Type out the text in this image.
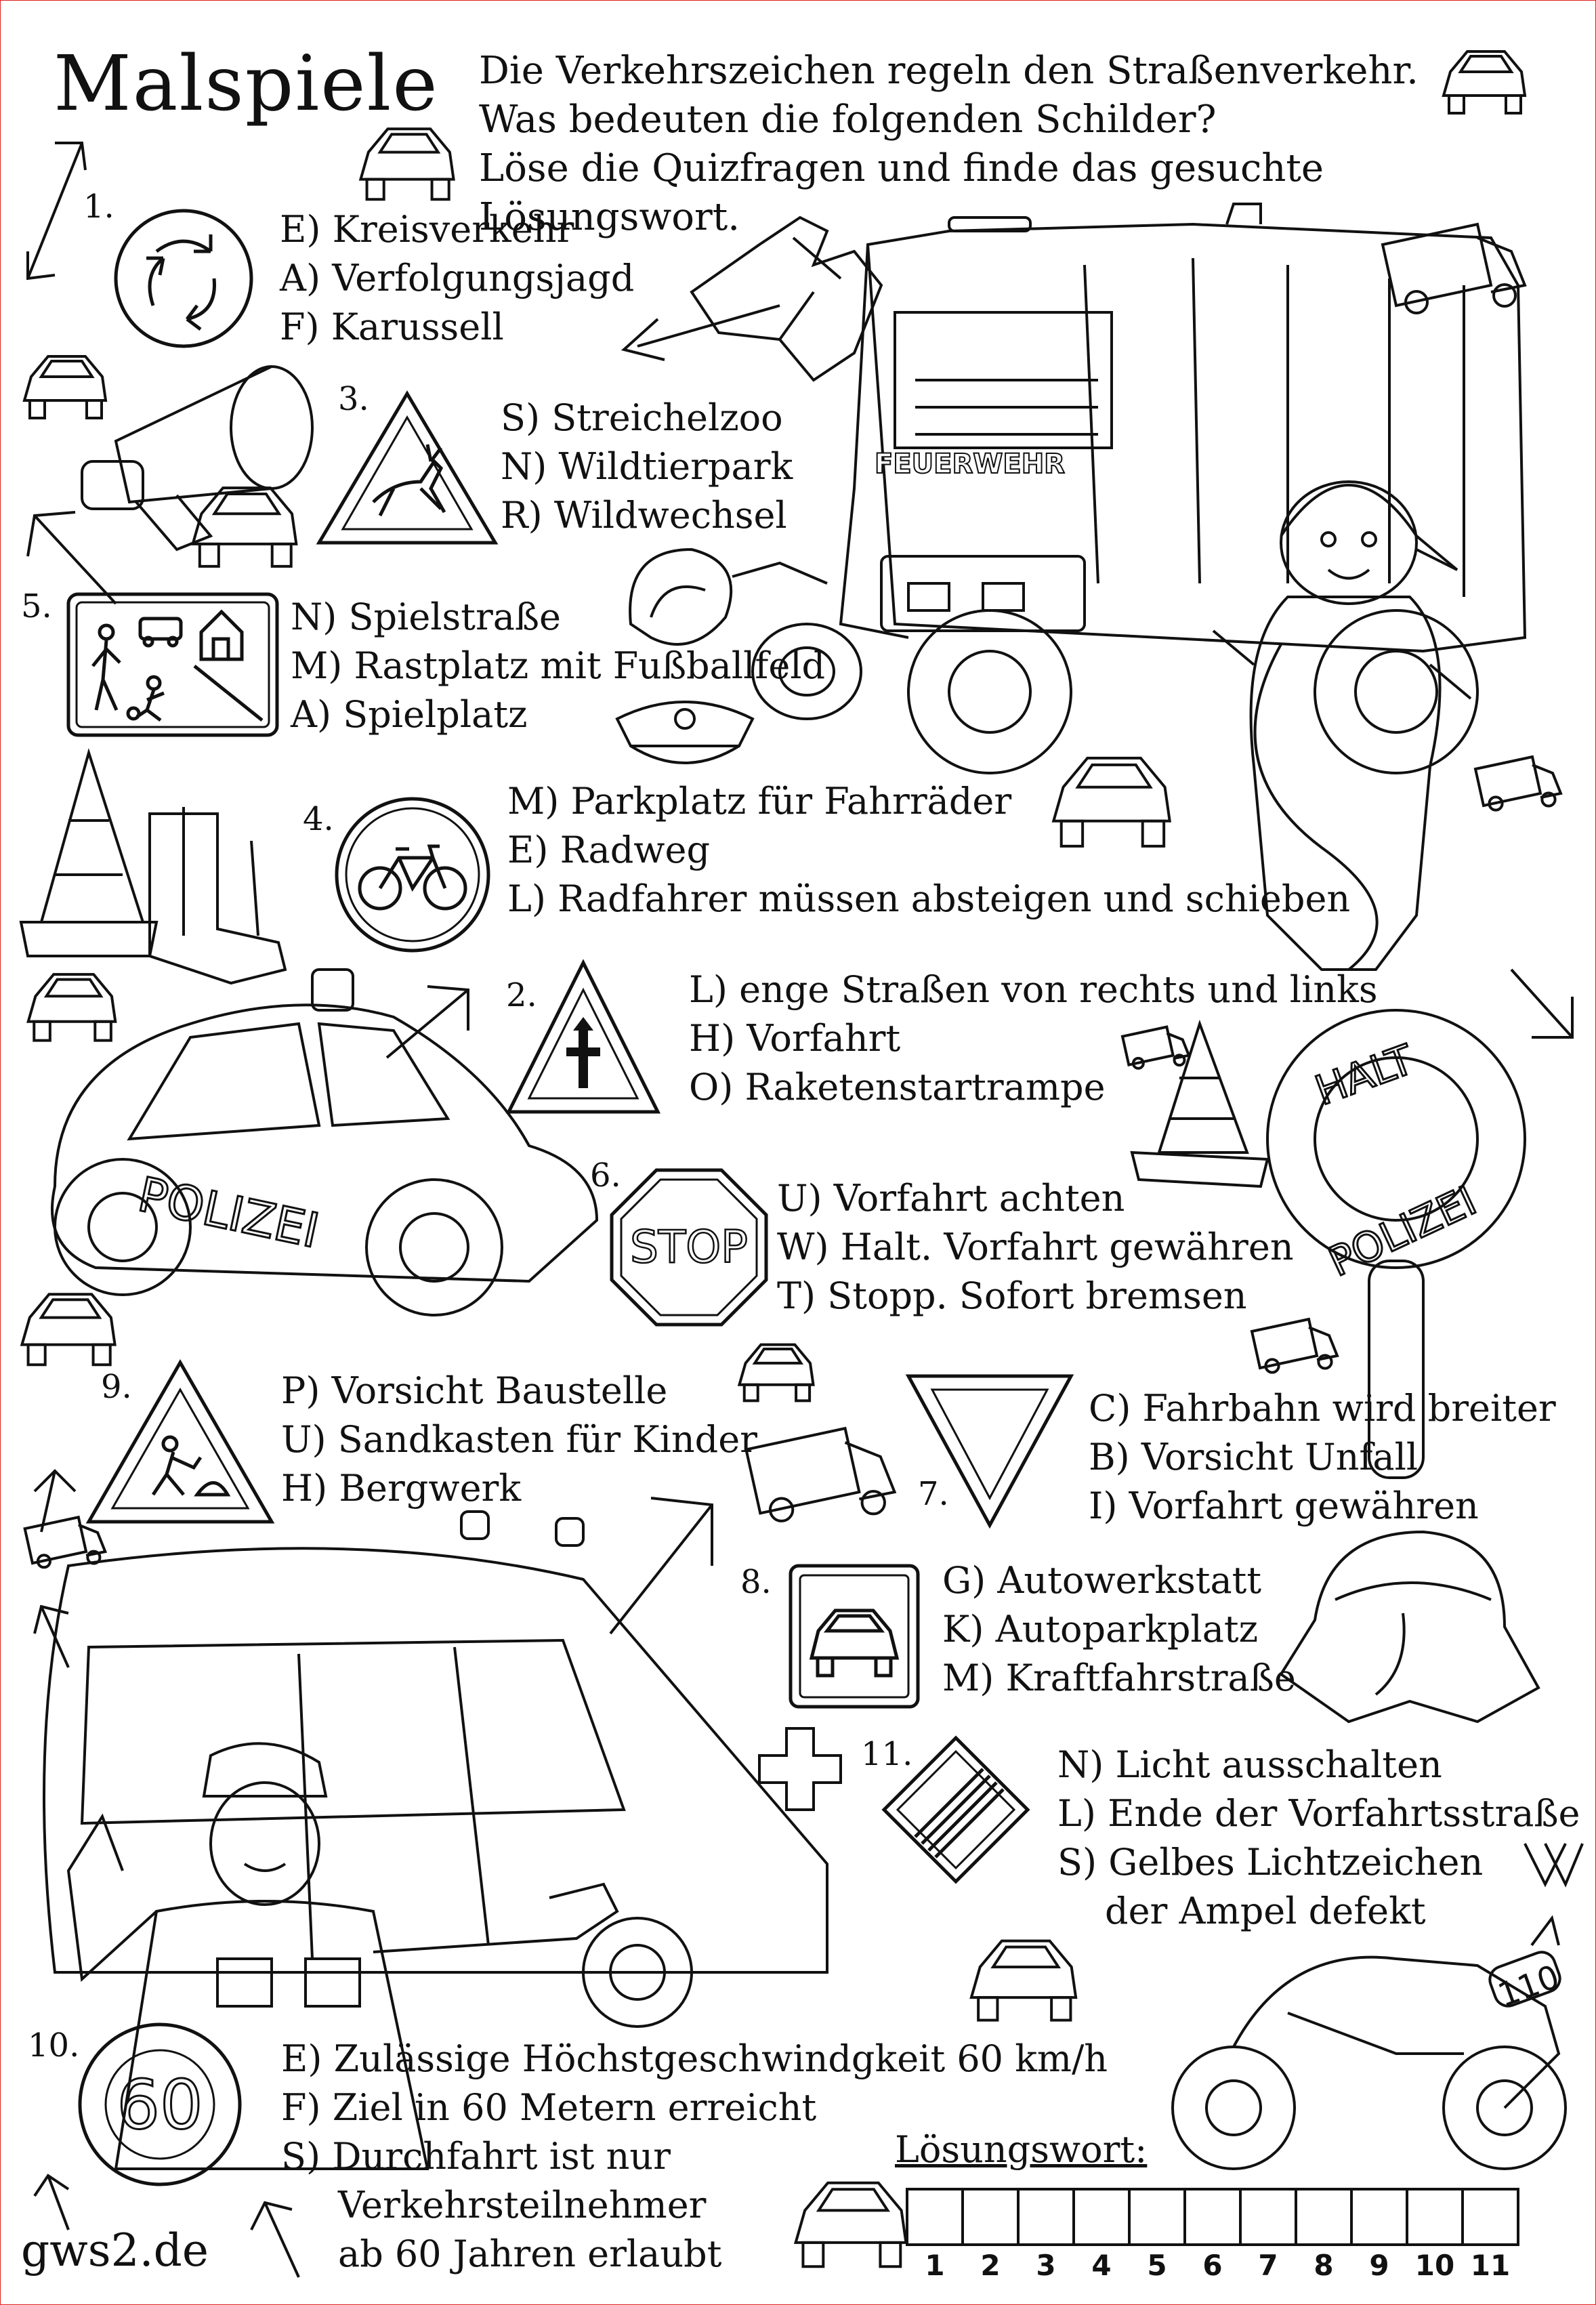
Malspiele Die Verkehrszeichen regeln den Straßenverkehr.
Was bedeuten die folgenden Schilder?
Löse die Quizfragen und finde das gesuchte Lösungswort.
FEUERWEHR
POLIZEI
HALT
POLIZEI
110
STOP
60
1.
E) Kreisverkehr
A) Verfolgungsjagd
F) Karussell
3.	S) Streichelzoo
N) Wildtierpark
R) Wildwechsel
5.	N) Spielstraße
M) Rastplatz mit Fußballfeld
A) Spielplatz
4.	M) Parkplatz für Fahrräder
E) Radweg
L) Radfahrer müssen absteigen und schieben
2.	L) enge Straßen von rechts und links
H) Vorfahrt
O) Raketenstartrampe
6.
U) Vorfahrt achten
W) Halt. Vorfahrt gewähren
T) Stopp. Sofort bremsen
9.	P) Vorsicht Baustelle
U) Sandkasten für Kinder
H) Bergwerk	7.
C) Fahrbahn wird breiter
B) Vorsicht Unfall
I) Vorfahrt gewähren
8.	G) Autowerkstatt
K) Autoparkplatz
M) Kraftfahrstraße
11.	N) Licht ausschalten
L) Ende der Vorfahrtsstraße
S) Gelbes Lichtzeichen
der Ampel defekt
10.	E) Zulässige Höchstgeschwindgkeit 60 km/h
F) Ziel in 60 Metern erreicht
S) Durchfahrt ist nur
Verkehrsteilnehmer
ab 60 Jahren erlaubt
Lösungswort:
1	2	3	4	5	6	7	8	9 10 11
gws2.de
